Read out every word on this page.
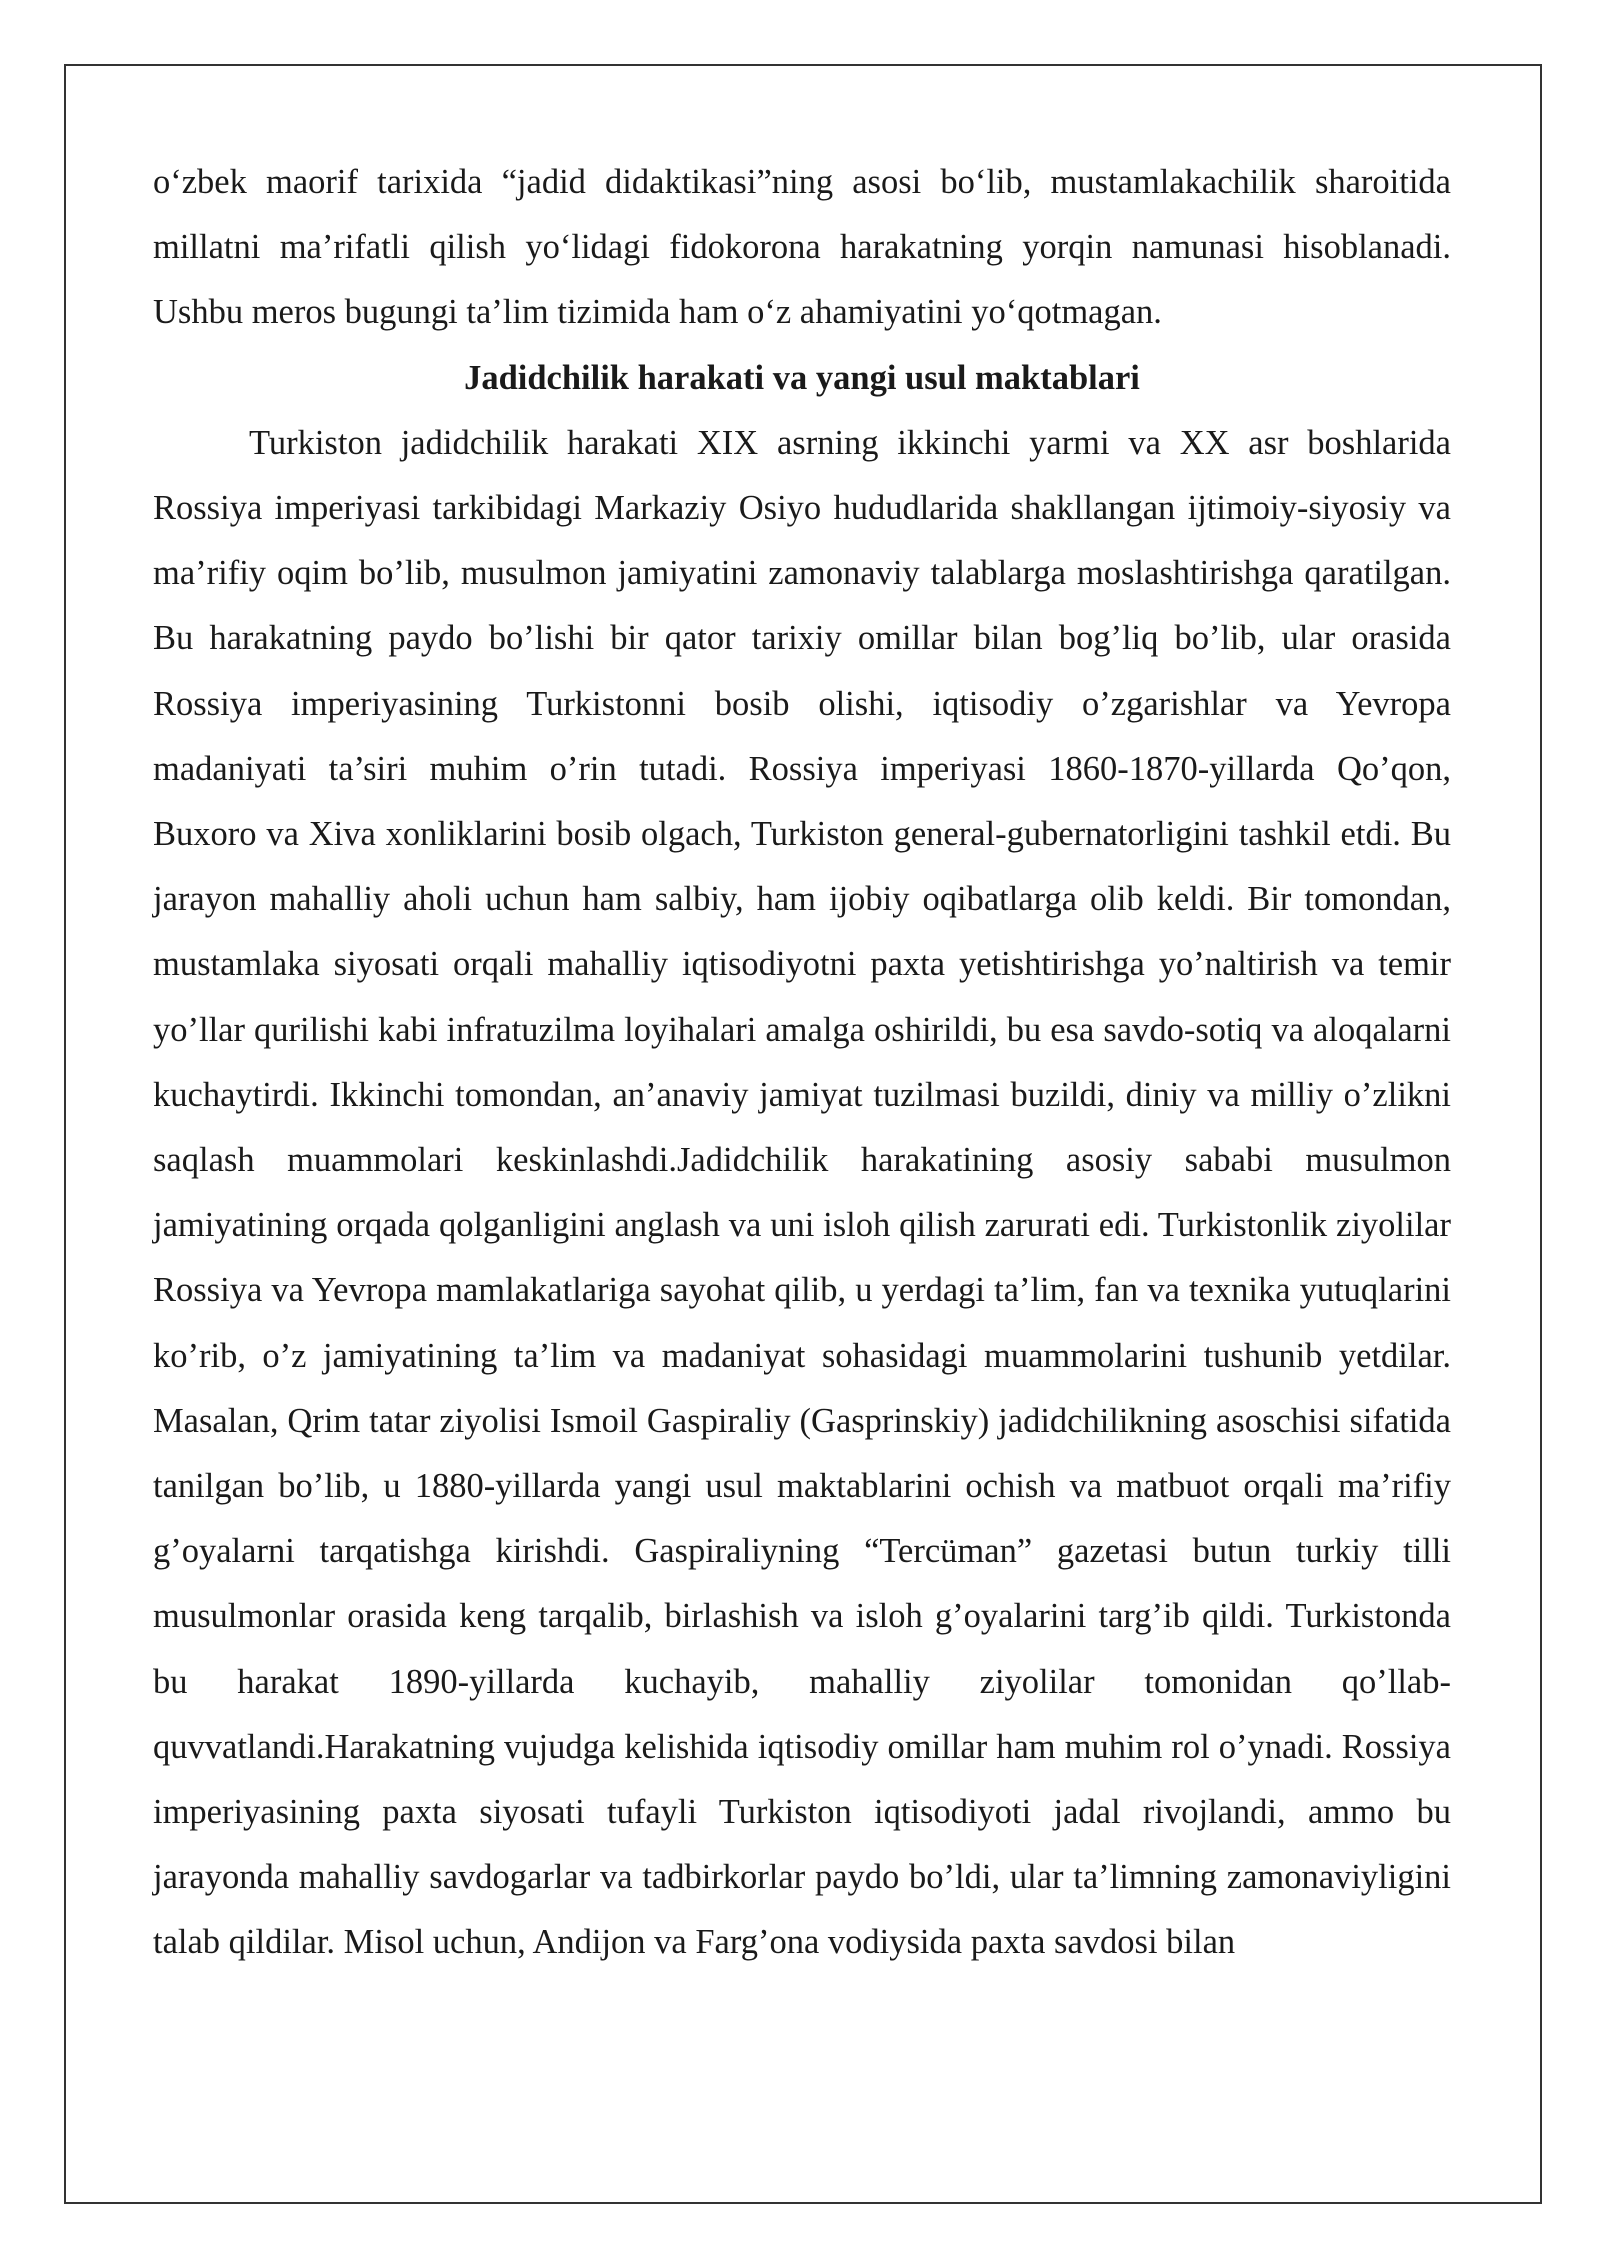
o‘zbek maorif tarixida “jadid didaktikasi”ning asosi bo‘lib, mustamlakachilik sharoitida millatni ma’rifatli qilish yo‘lidagi fidokorona harakatning yorqin namunasi hisoblanadi. Ushbu meros bugungi ta’lim tizimida ham o‘z ahamiyatini yo‘qotmagan.

Jadidchilik harakati va yangi usul maktablari

Turkiston jadidchilik harakati XIX asrning ikkinchi yarmi va XX asr boshlarida Rossiya imperiyasi tarkibidagi Markaziy Osiyo hududlarida shakllangan ijtimoiy-siyosiy va ma’rifiy oqim bo’lib, musulmon jamiyatini zamonaviy talablarga moslashtirishga qaratilgan. Bu harakatning paydo bo’lishi bir qator tarixiy omillar bilan bog’liq bo’lib, ular orasida Rossiya imperiyasining Turkistonni bosib olishi, iqtisodiy o’zgarishlar va Yevropa madaniyati ta’siri muhim o’rin tutadi. Rossiya imperiyasi 1860-1870-yillarda Qo’qon, Buxoro va Xiva xonliklarini bosib olgach, Turkiston general-gubernatorligini tashkil etdi. Bu jarayon mahalliy aholi uchun ham salbiy, ham ijobiy oqibatlarga olib keldi. Bir tomondan, mustamlaka siyosati orqali mahalliy iqtisodiyotni paxta yetishtirishga yo’naltirish va temir yo’llar qurilishi kabi infratuzilma loyihalari amalga oshirildi, bu esa savdo-sotiq va aloqalarni kuchaytirdi. Ikkinchi tomondan, an’anaviy jamiyat tuzilmasi buzildi, diniy va milliy o’zlikni saqlash muammolari keskinlashdi.Jadidchilik harakatining asosiy sababi musulmon jamiyatining orqada qolganligini anglash va uni isloh qilish zarurati edi. Turkistonlik ziyolilar Rossiya va Yevropa mamlakatlariga sayohat qilib, u yerdagi ta’lim, fan va texnika yutuqlarini ko’rib, o’z jamiyatining ta’lim va madaniyat sohasidagi muammolarini tushunib yetdilar. Masalan, Qrim tatar ziyolisi Ismoil Gaspiraliy (Gasprinskiy) jadidchilikning asoschisi sifatida tanilgan bo’lib, u 1880-yillarda yangi usul maktablarini ochish va matbuot orqali ma’rifiy g’oyalarni tarqatishga kirishdi. Gaspiraliyning “Tercüman” gazetasi butun turkiy tilli musulmonlar orasida keng tarqalib, birlashish va isloh g’oyalarini targ’ib qildi. Turkistonda bu harakat 1890-yillarda kuchayib, mahalliy ziyolilar tomonidan qo’llab-quvvatlandi.Harakatning vujudga kelishida iqtisodiy omillar ham muhim rol o’ynadi. Rossiya imperiyasining paxta siyosati tufayli Turkiston iqtisodiyoti jadal rivojlandi, ammo bu jarayonda mahalliy savdogarlar va tadbirkorlar paydo bo’ldi, ular ta’limning zamonaviyligini talab qildilar. Misol uchun, Andijon va Farg’ona vodiysida paxta savdosi bilan
